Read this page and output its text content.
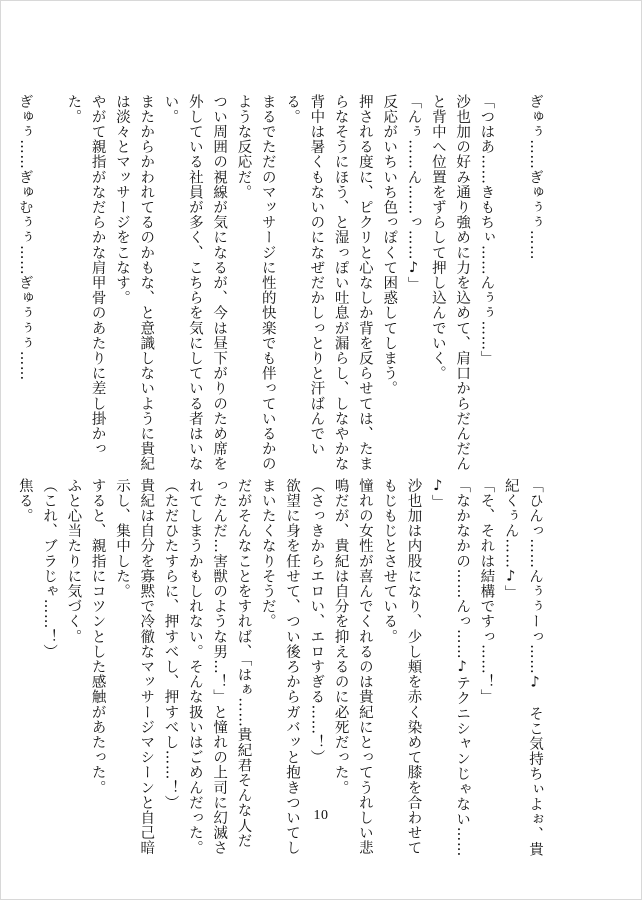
ぎゅぅ……ぎゅぅぅ……

「つはあ……きもちぃ……んぅぅ……」
沙也加の好み通り強めに力を込めて、肩口からだんだん
と背中へ位置をずらして押し込んでいく。
「んぅ……ん……っ……♪」
反応がいちいち色っぽくて困惑してしまう。
押される度に、ピクリと心なしか背を反らせては、たま
らなそうにほう、と湿っぽい吐息が漏らし、しなやかな
背中は暑くもないのになぜだかしっとりと汗ばんでい
る。
まるでただのマッサージに性的快楽でも伴っているかの
ような反応だ。
つい周囲の視線が気になるが、今は昼下がりのため席を
外している社員が多く、こちらを気にしている者はいな
い。
またからかわれてるのかもな、と意識しないように貴紀
は淡々とマッサージをこなす。
やがて親指がなだらかな肩甲骨のあたりに差し掛かっ
た。

ぎゅぅ……ぎゅむぅぅ……ぎゅぅぅぅ……
「ひんっ……んぅぅーっ……♪　そこ気持ちぃよぉ、貴
紀くぅん……♪」
「そ、それは結構ですっ……！」
「なかなかの……んっ……♪テクニシャンじゃない……
♪」
沙也加は内股になり、少し頬を赤く染めて膝を合わせて
もじもじとさせている。
憧れの女性が喜んでくれるのは貴紀にとってうれしい悲
鳴だが、貴紀は自分を抑えるのに必死だった。
（さっきからエロい、エロすぎる……！）
欲望に身を任せて、つい後ろからガバッと抱きついてし
まいたくなりそうだ。
だがそんなことをすれば、「はぁ……貴紀君そんな人だ
ったんだ…害獣のような男…！」と憧れの上司に幻滅さ
れてしまうかもしれない。そんな扱いはごめんだった。
（ただひたすらに、押すべし、押すべし……！）
貴紀は自分を寡黙で冷徹なマッサージマシーンと自己暗
示し、集中した。
すると、親指にコツンとした感触があたった。
ふと心当たりに気づく。
（これ、ブラじゃ……！）
焦る。
10
